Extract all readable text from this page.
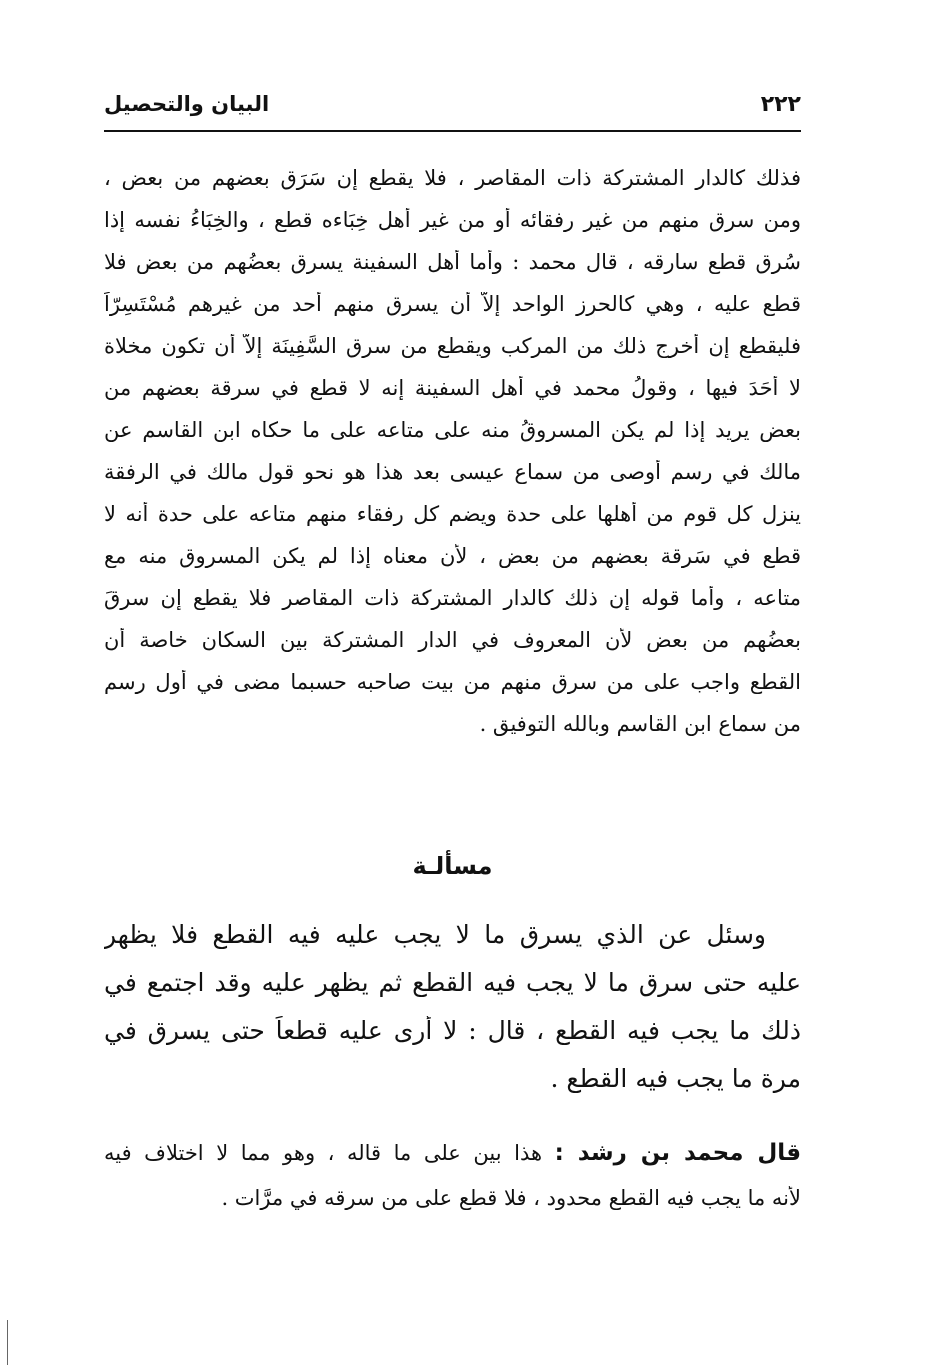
٢٢٢
البيان والتحصيل
فذلك كالدار المشتركة ذات المقاصر ، فلا يقطع إن سَرَق بعضهم من بعض ،
ومن سرق منهم من غير رفقائه أو من غير أهل خِبَاءه قطع ، والخِبَاءُ نفسه إذا
سُرق قطع سارقه ، قال محمد : وأما أهل السفينة يسرق بعضُهم من بعض فلا
قطع عليه ، وهي كالحرز الواحد إلاَّ أن يسرق منهم أحد من غيرهم مُسْتَسِرّاً
فليقطع إن أخرج ذلك من المركب ويقطع من سرق السَّفِينَة إلاَّ أن تكون مخلاة
لا أحَدَ فيها ، وقولُ محمد في أهل السفينة إنه لا قطع في سرقة بعضهم من
بعض يريد إذا لم يكن المسروقُ منه على متاعه على ما حكاه ابن القاسم عن
مالك في رسم أوصى من سماع عيسى بعد هذا هو نحو قول مالك في الرفقة
ينزل كل قوم من أهلها على حدة ويضم كل رفقاء منهم متاعه على حدة أنه لا
قطع في سَرِقة بعضهم من بعض ، لأن معناه إذا لم يكن المسروق منه مع
متاعه ، وأما قوله إن ذلك كالدار المشتركة ذات المقاصر فلا يقطع إن سرقَ
بعضُهم من بعض لأن المعروف في الدار المشتركة بين السكان خاصة أن
القطع واجب على من سرق منهم من بيت صاحبه حسبما مضى في أول رسم
من سماع ابن القاسم وبالله التوفيق .
مسألـة
وسئل عن الذي يسرق ما لا يجب عليه فيه القطع فلا يظهر
عليه حتى سرق ما لا يجب فيه القطع ثم يظهر عليه وقد اجتمع في
ذلك ما يجب فيه القطع ، قال : لا أرى عليه قطعاً حتى يسرق في
مرة ما يجب فيه القطع .
قال محمد بن رشد : هذا بين على ما قاله ، وهو مما لا اختلاف فيه
لأنه ما يجب فيه القطع محدود ، فلا قطع على من سرقه في مرَّات .
